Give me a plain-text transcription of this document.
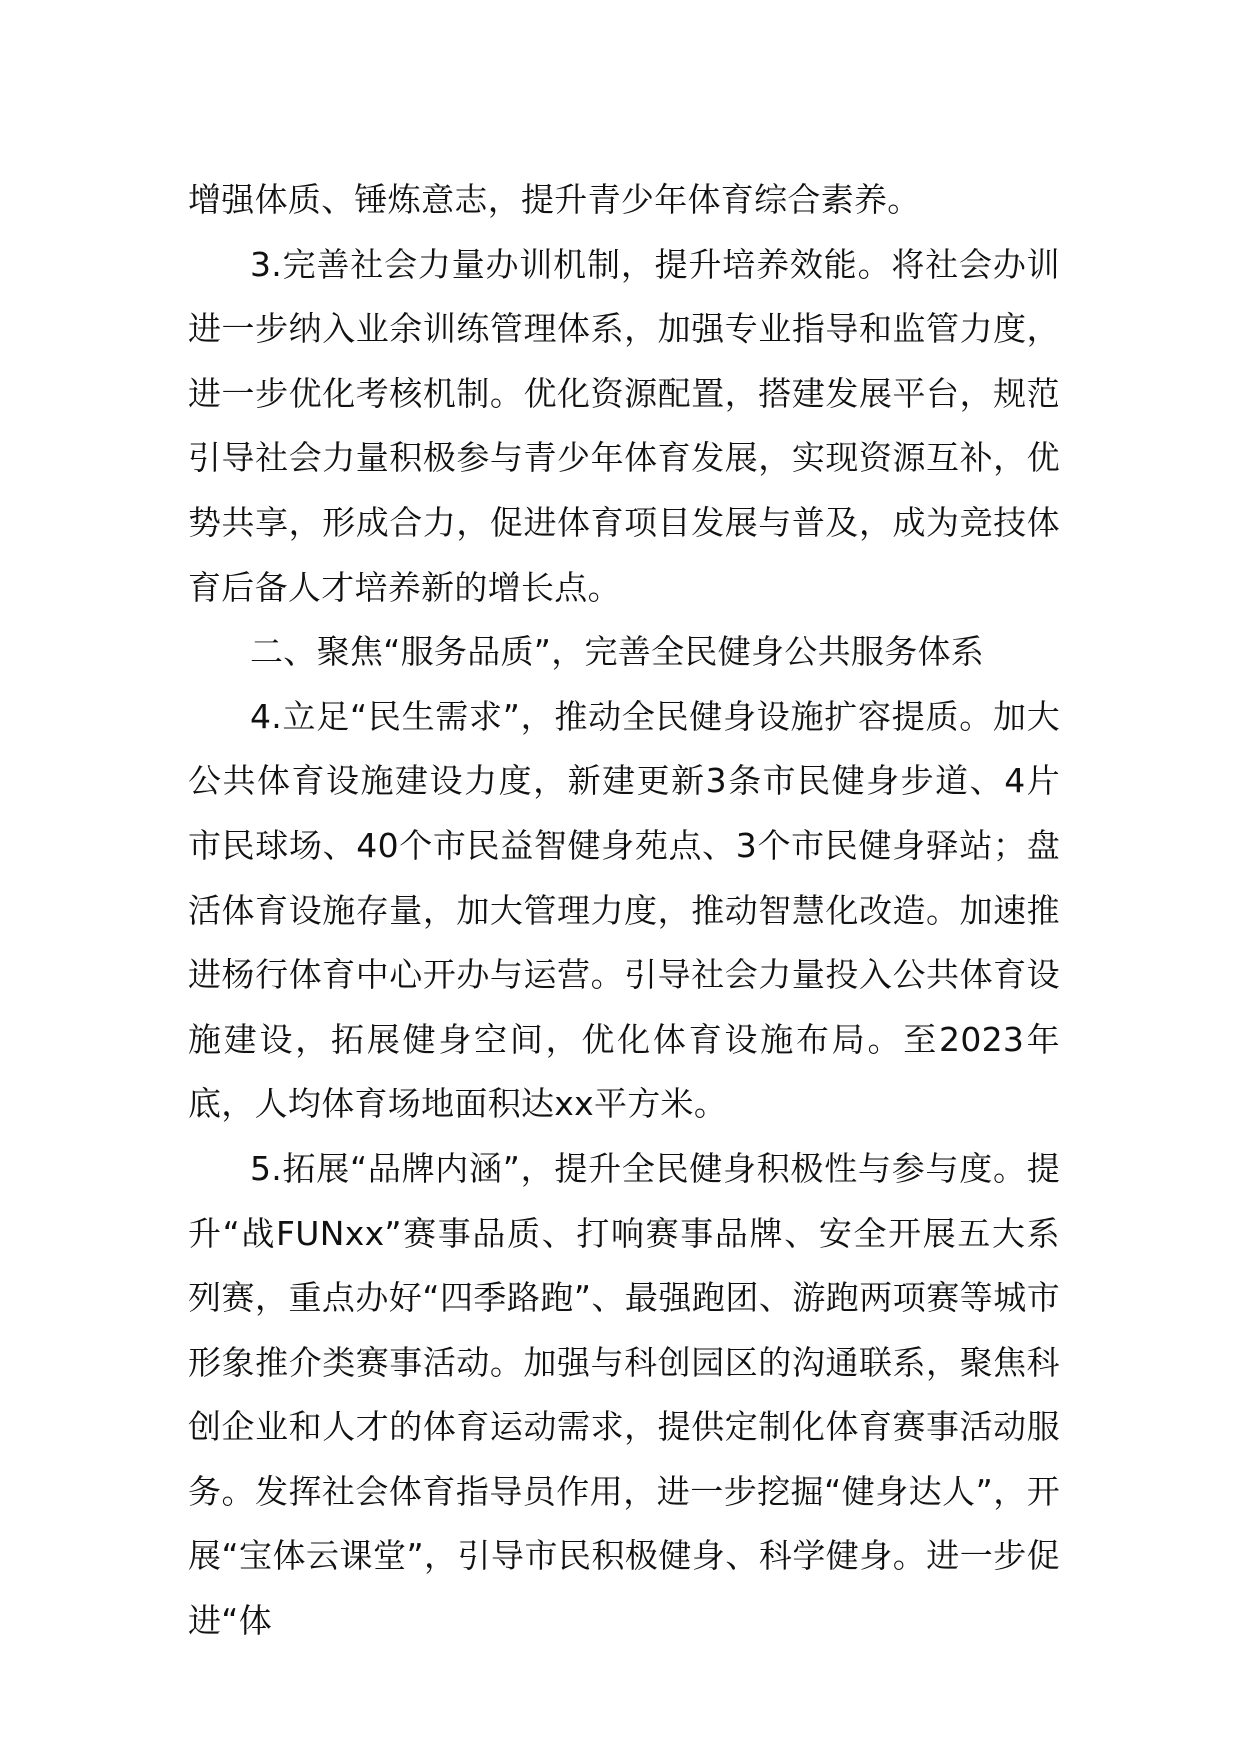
增强体质、锤炼意志，提升青少年体育综合素养。

3.完善社会力量办训机制，提升培养效能。将社会办训进一步纳入业余训练管理体系，加强专业指导和监管力度，进一步优化考核机制。优化资源配置，搭建发展平台，规范引导社会力量积极参与青少年体育发展，实现资源互补，优势共享，形成合力，促进体育项目发展与普及，成为竞技体育后备人才培养新的增长点。

二、聚焦“服务品质”，完善全民健身公共服务体系

4.立足“民生需求”，推动全民健身设施扩容提质。加大公共体育设施建设力度，新建更新3条市民健身步道、4片市民球场、40个市民益智健身苑点、3个市民健身驿站；盘活体育设施存量，加大管理力度，推动智慧化改造。加速推进杨行体育中心开办与运营。引导社会力量投入公共体育设施建设，拓展健身空间，优化体育设施布局。至2023年底，人均体育场地面积达xx平方米。

5.拓展“品牌内涵”，提升全民健身积极性与参与度。提升“战FUNxx”赛事品质、打响赛事品牌、安全开展五大系列赛，重点办好“四季路跑”、最强跑团、游跑两项赛等城市形象推介类赛事活动。加强与科创园区的沟通联系，聚焦科创企业和人才的体育运动需求，提供定制化体育赛事活动服务。发挥社会体育指导员作用，进一步挖掘“健身达人”，开展“宝体云课堂”，引导市民积极健身、科学健身。进一步促进“体
